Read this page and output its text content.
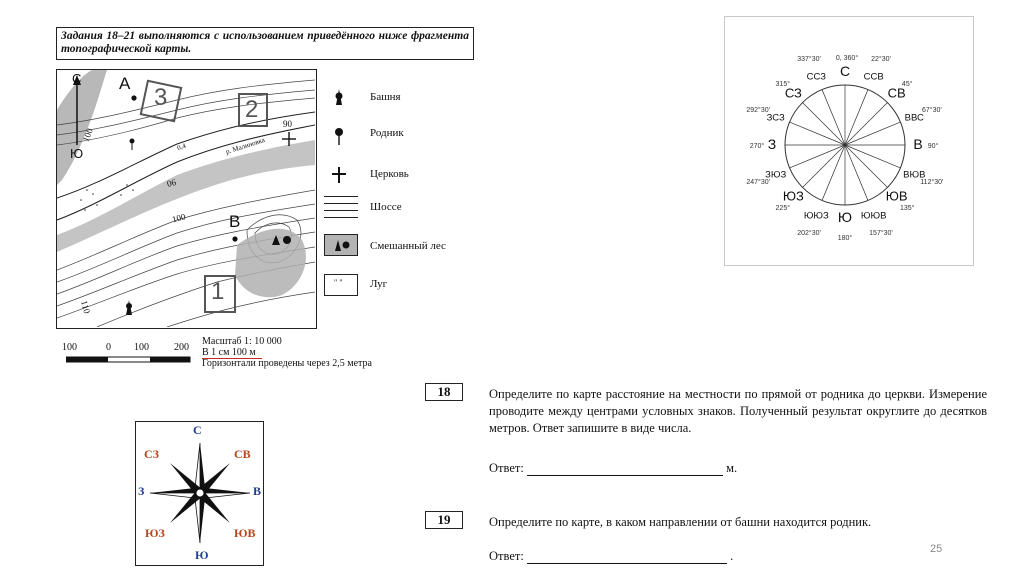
Задания 18–21 выполняются с использованием приведённого ниже фрагмента топографической карты.
С
Ю
А
В
3	2
1
100
90
06
100
110
р. Малиновка
0,4
Башня
Родник
Церковь
Шоссе
Смешанный лес
" " Луг
100	0 100	200
Масштаб 1: 10 000
В 1 см 100 м
Горизонтали проведены через 2,5 метра
С
0, 360°
ССВ
22°30'
СВ
45°
ВВС
67°30'
В 90°
ВЮВ
112°30'
ЮВ
135°
ЮЮВ
157°30'
Ю
180°
ЮЮЗ
202°30'
ЮЗ
225°
ЗЮЗ
247°30'
З
270°
ЗСЗ
292°30'
СЗ
315°
ССЗ
337°30'
С
СВ
В
ЮВ
Ю
ЮЗ
З
СЗ
18	Определите по карте расстояние на местности по прямой от родника до церкви. Измерение проводите между центрами условных знаков. Полученный результат округлите до десятков метров. Ответ запишите в виде числа.
Ответ:	м.
19	Определите по карте, в каком направлении от башни находится родник.
Ответ:	.	25
